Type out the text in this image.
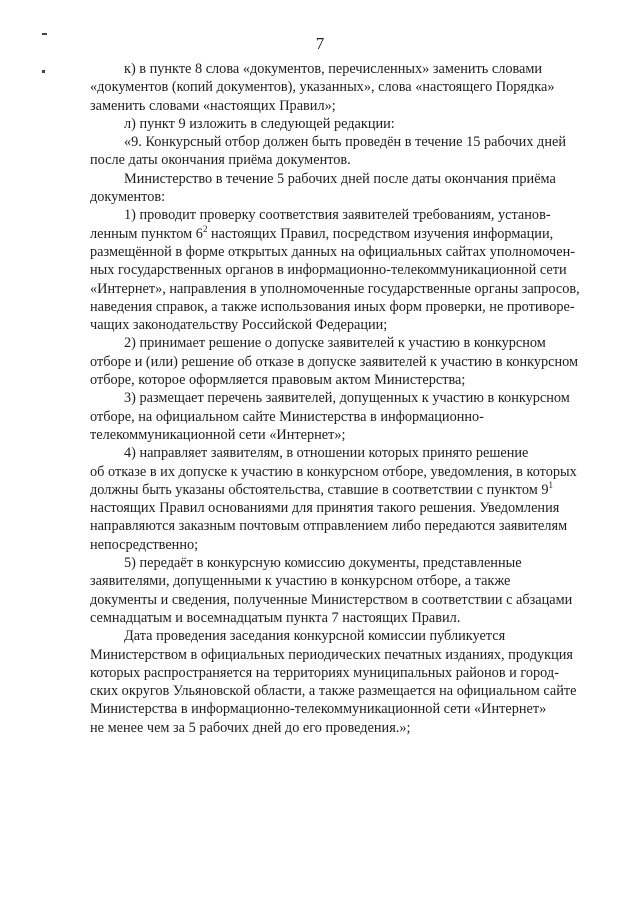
7

к) в пункте 8 слова «документов, перечисленных» заменить словами
«документов (копий документов), указанных», слова «настоящего Порядка»
заменить словами «настоящих Правил»;

л) пункт 9 изложить в следующей редакции:

«9. Конкурсный отбор должен быть проведён в течение 15 рабочих дней
после даты окончания приёма документов.

Министерство в течение 5 рабочих дней после даты окончания приёма
документов:

1) проводит проверку соответствия заявителей требованиям, установ-
ленным пунктом $6^2$ настоящих Правил, посредством изучения информации,
размещённой в форме открытых данных на официальных сайтах уполномочен-
ных государственных органов в информационно-телекоммуникационной сети
«Интернет», направления в уполномоченные государственные органы запросов,
наведения справок, а также использования иных форм проверки, не противоре-
чащих законодательству Российской Федерации;

2) принимает решение о допуске заявителей к участию в конкурсном
отборе и (или) решение об отказе в допуске заявителей к участию в конкурсном
отборе, которое оформляется правовым актом Министерства;

3) размещает перечень заявителей, допущенных к участию в конкурсном
отборе, на официальном сайте Министерства в информационно-
телекоммуникационной сети «Интернет»;

4) направляет заявителям, в отношении которых принято решение
об отказе в их допуске к участию в конкурсном отборе, уведомления, в которых
должны быть указаны обстоятельства, ставшие в соответствии с пунктом $9^1$
настоящих Правил основаниями для принятия такого решения. Уведомления
направляются заказным почтовым отправлением либо передаются заявителям
непосредственно;

5) передаёт в конкурсную комиссию документы, представленные
заявителями, допущенными к участию в конкурсном отборе, а также
документы и сведения, полученные Министерством в соответствии с абзацами
семнадцатым и восемнадцатым пункта 7 настоящих Правил.

Дата проведения заседания конкурсной комиссии публикуется
Министерством в официальных периодических печатных изданиях, продукция
которых распространяется на территориях муниципальных районов и город-
ских округов Ульяновской области, а также размещается на официальном сайте
Министерства в информационно-телекоммуникационной сети «Интернет»
не менее чем за 5 рабочих дней до его проведения.»;
